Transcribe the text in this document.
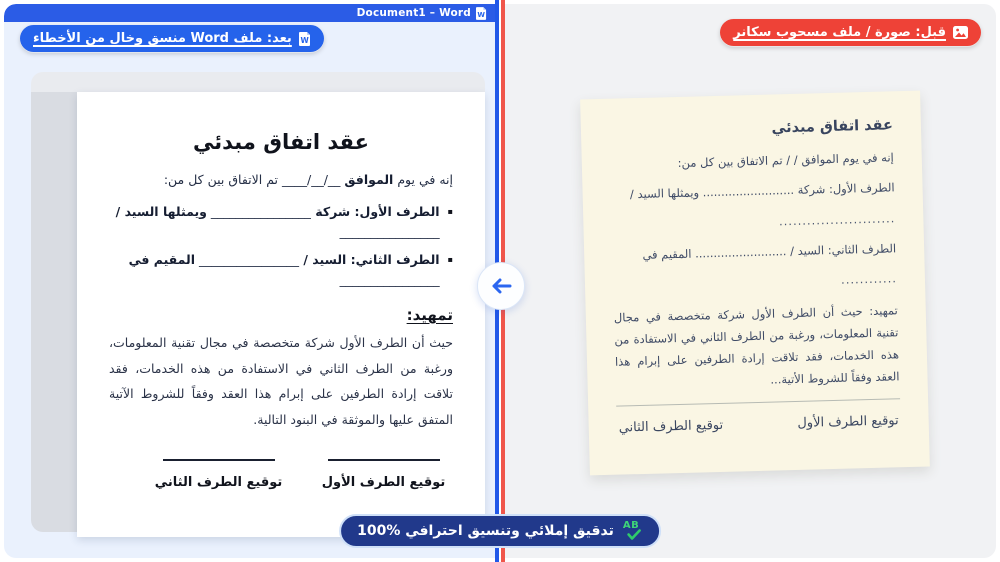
Document1 – Word W
عقد اتفاق مبدئي

إنه في يوم الموافق __/__/____ تم الاتفاق بين كل من:

▪
الطرف الأول: شركة ________________ ويمثلها السيد / ________________
▪
الطرف الثاني: السيد / ________________ المقيم في ________________
تمهيد:

حيث أن الطرف الأول شركة متخصصة في مجال تقنية المعلومات، ورغبة من الطرف الثاني في الاستفادة من هذه الخدمات، فقد تلاقت إرادة الطرفين على إبرام هذا العقد وفقاً للشروط الآتية المتفق عليها والموثقة في البنود التالية.

توقيع الطرف الأول
توقيع الطرف الثاني
W
بعد: ملف Word منسق وخال من الأخطاء
عقد اتفاق مبدئي

إنه في يوم الموافق / / تم الاتفاق بين كل من:

الطرف الأول: شركة ......................... ويمثلها السيد /

.........................

الطرف الثاني: السيد / ......................... المقيم في

............

تمهيد: حيث أن الطرف الأول شركة متخصصة في مجال تقنية المعلومات، ورغبة من الطرف الثاني في الاستفادة من هذه الخدمات، فقد تلاقت إرادة الطرفين على إبرام هذا العقد وفقاً للشروط الأتية...

توقيع الطرف الأول
توقيع الطرف الثاني
قبل: صورة / ملف مسحوب سكانر
AB
تدقيق إملائي وتنسيق احترافي %100
